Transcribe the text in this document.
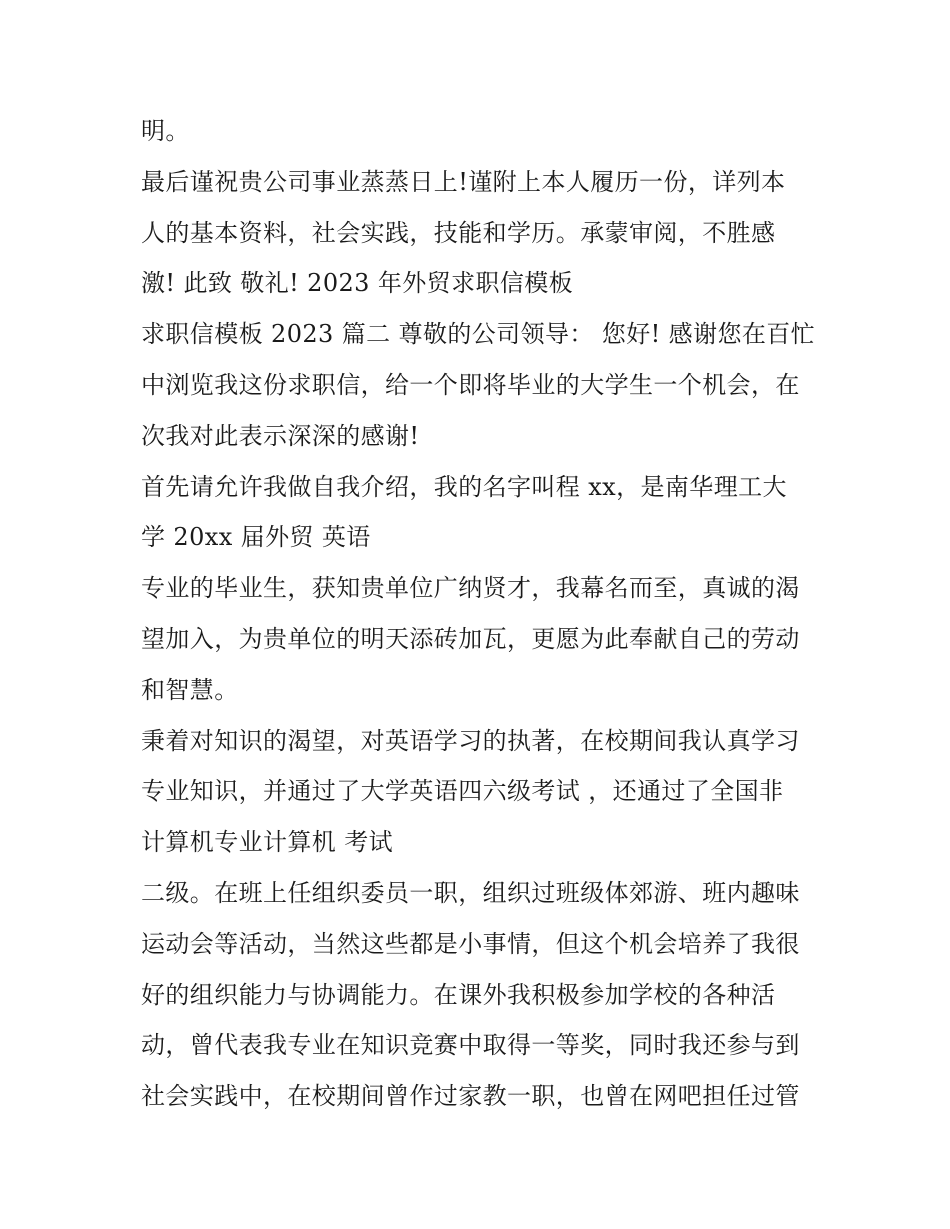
明。
最后谨祝贵公司事业蒸蒸日上!谨附上本人履历一份，详列本
人的基本资料，社会实践，技能和学历。承蒙审阅，不胜感
激! 此致 敬礼! 2023 年外贸求职信模板
求职信模板 2023 篇二 尊敬的公司领导： 您好! 感谢您在百忙
中浏览我这份求职信，给一个即将毕业的大学生一个机会，在
次我对此表示深深的感谢!
首先请允许我做自我介绍，我的名字叫程 xx，是南华理工大
学 20xx 届外贸 英语
专业的毕业生，获知贵单位广纳贤才，我幕名而至，真诚的渴
望加入，为贵单位的明天添砖加瓦，更愿为此奉献自己的劳动
和智慧。
秉着对知识的渴望，对英语学习的执著，在校期间我认真学习
专业知识，并通过了大学英语四六级考试 ，还通过了全国非
计算机专业计算机 考试
二级。在班上任组织委员一职，组织过班级体郊游、班内趣味
运动会等活动，当然这些都是小事情，但这个机会培养了我很
好的组织能力与协调能力。在课外我积极参加学校的各种活
动，曾代表我专业在知识竞赛中取得一等奖，同时我还参与到
社会实践中，在校期间曾作过家教一职，也曾在网吧担任过管
